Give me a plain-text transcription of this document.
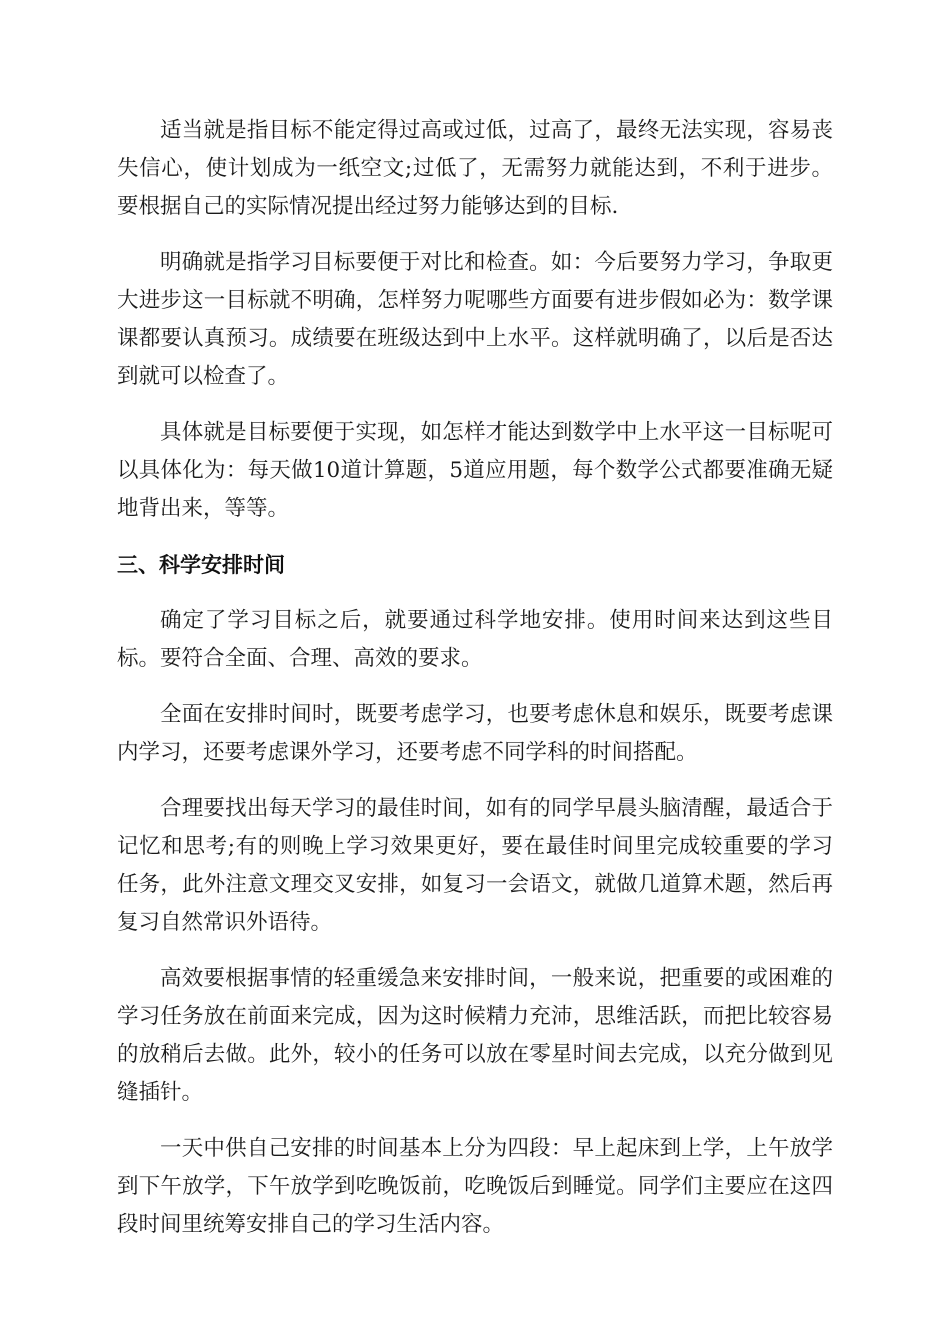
适当就是指目标不能定得过高或过低，过高了，最终无法实现，容易丧失信心，使计划成为一纸空文;过低了，无需努力就能达到，不利于进步。要根据自己的实际情况提出经过努力能够达到的目标.

明确就是指学习目标要便于对比和检查。如：今后要努力学习，争取更大进步这一目标就不明确，怎样努力呢哪些方面要有进步假如必为：数学课课都要认真预习。成绩要在班级达到中上水平。这样就明确了，以后是否达到就可以检查了。

具体就是目标要便于实现，如怎样才能达到数学中上水平这一目标呢可以具体化为：每天做10道计算题，5道应用题，每个数学公式都要准确无疑地背出来，等等。

三、科学安排时间

确定了学习目标之后，就要通过科学地安排。使用时间来达到这些目标。要符合全面、合理、高效的要求。

全面在安排时间时，既要考虑学习，也要考虑休息和娱乐，既要考虑课内学习，还要考虑课外学习，还要考虑不同学科的时间搭配。

合理要找出每天学习的最佳时间，如有的同学早晨头脑清醒，最适合于记忆和思考;有的则晚上学习效果更好，要在最佳时间里完成较重要的学习任务，此外注意文理交叉安排，如复习一会语文，就做几道算术题，然后再复习自然常识外语待。

高效要根据事情的轻重缓急来安排时间，一般来说，把重要的或困难的学习任务放在前面来完成，因为这时候精力充沛，思维活跃，而把比较容易的放稍后去做。此外，较小的任务可以放在零星时间去完成，以充分做到见缝插针。

一天中供自己安排的时间基本上分为四段：早上起床到上学，上午放学到下午放学，下午放学到吃晚饭前，吃晚饭后到睡觉。同学们主要应在这四段时间里统筹安排自己的学习生活内容。
